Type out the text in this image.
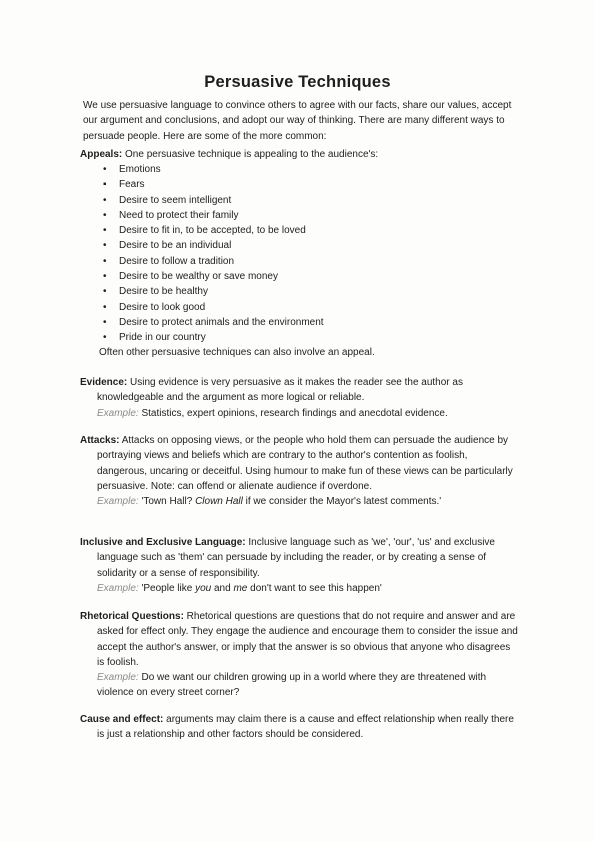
Persuasive Techniques
We use persuasive language to convince others to agree with our facts, share our values, accept our argument and conclusions, and adopt our way of thinking. There are many different ways to persuade people. Here are some of the more common:
Appeals: One persuasive technique is appealing to the audience's:
• Emotions
▪ Fears
• Desire to seem intelligent
• Need to protect their family
• Desire to fit in, to be accepted, to be loved
• Desire to be an individual
• Desire to follow a tradition
• Desire to be wealthy or save money
• Desire to be healthy
• Desire to look good
• Desire to protect animals and the environment
• Pride in our country
Often other persuasive techniques can also involve an appeal.
Evidence: Using evidence is very persuasive as it makes the reader see the author as knowledgeable and the argument as more logical or reliable.
Example: Statistics, expert opinions, research findings and anecdotal evidence.
Attacks: Attacks on opposing views, or the people who hold them can persuade the audience by portraying views and beliefs which are contrary to the author's contention as foolish, dangerous, uncaring or deceitful. Using humour to make fun of these views can be particularly persuasive. Note: can offend or alienate audience if overdone.
Example: 'Town Hall? Clown Hall if we consider the Mayor's latest comments.'
Inclusive and Exclusive Language: Inclusive language such as 'we', 'our', 'us' and exclusive language such as 'them' can persuade by including the reader, or by creating a sense of solidarity or a sense of responsibility.
Example: 'People like you and me don't want to see this happen'
Rhetorical Questions: Rhetorical questions are questions that do not require and answer and are asked for effect only. They engage the audience and encourage them to consider the issue and accept the author's answer, or imply that the answer is so obvious that anyone who disagrees is foolish.
Example: Do we want our children growing up in a world where they are threatened with violence on every street corner?
Cause and effect: arguments may claim there is a cause and effect relationship when really there is just a relationship and other factors should be considered.
